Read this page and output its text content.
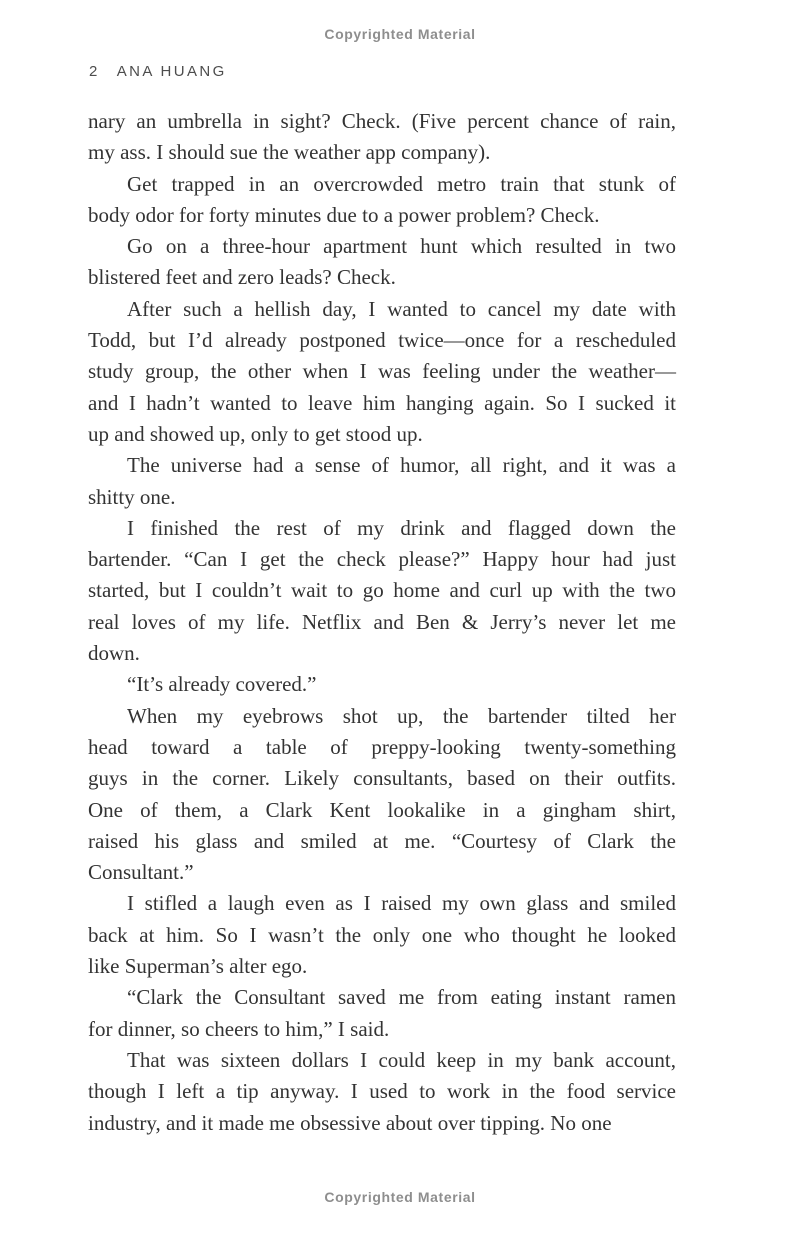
Copyrighted Material
2 ANA HUANG
nary an umbrella in sight? Check. (Five percent chance of rain,
my ass. I should sue the weather app company).
Get trapped in an overcrowded metro train that stunk of
body odor for forty minutes due to a power problem? Check.
Go on a three-hour apartment hunt which resulted in two
blistered feet and zero leads? Check.
After such a hellish day, I wanted to cancel my date with
Todd, but I’d already postponed twice—once for a rescheduled
study group, the other when I was feeling under the weather—
and I hadn’t wanted to leave him hanging again. So I sucked it
up and showed up, only to get stood up.
The universe had a sense of humor, all right, and it was a
shitty one.
I finished the rest of my drink and flagged down the
bartender. “Can I get the check please?” Happy hour had just
started, but I couldn’t wait to go home and curl up with the two
real loves of my life. Netflix and Ben & Jerry’s never let me
down.
“It’s already covered.”
When my eyebrows shot up, the bartender tilted her
head toward a table of preppy-looking twenty-something
guys in the corner. Likely consultants, based on their outfits.
One of them, a Clark Kent lookalike in a gingham shirt,
raised his glass and smiled at me. “Courtesy of Clark the
Consultant.”
I stifled a laugh even as I raised my own glass and smiled
back at him. So I wasn’t the only one who thought he looked
like Superman’s alter ego.
“Clark the Consultant saved me from eating instant ramen
for dinner, so cheers to him,” I said.
That was sixteen dollars I could keep in my bank account,
though I left a tip anyway. I used to work in the food service
industry, and it made me obsessive about over tipping. No one
Copyrighted Material
